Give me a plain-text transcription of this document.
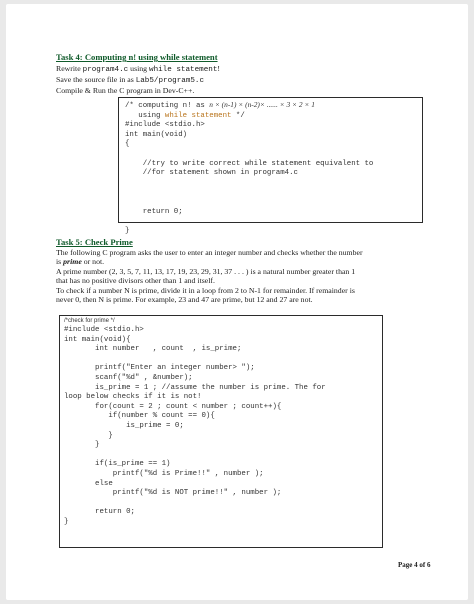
Task 4: Computing n! using while statement
Rewrite program4.c using while statement!
Save the source file in as Lab5/program5.c
Compile & Run the C program in Dev-C++.
/* computing n! as n × (n-1) × (n-2)× ...... × 3 × 2 × 1
using while statement */
#include <stdio.h>
int main(void)
{

//try to write correct while statement equivalent to
//for statement shown in program4.c

return 0;

}
Task 5: Check Prime
The following C program asks the user to enter an integer number and checks whether the number
is prime or not.
A prime number (2, 3, 5, 7, 11, 13, 17, 19, 23, 29, 31, 37 . . . ) is a natural number greater than 1
that has no positive divisors other than 1 and itself.
To check if a number N is prime, divide it in a loop from 2 to N-1 for remainder. If remainder is
never 0, then N is prime. For example, 23 and 47 are prime, but 12 and 27 are not.
/*check for prime */
#include <stdio.h>
int main(void){
int number   , count  , is_prime;
printf("Enter an integer number> ");
scanf("%d" , &number);
is_prime = 1 ; //assume the number is prime. The for
loop below checks if it is not!
for(count = 2 ; count < number ; count++){
if(number % count == 0){
is_prime = 0;
}
}
if(is_prime == 1)
printf("%d is Prime!!" , number );
else
printf("%d is NOT prime!!" , number );
return 0;
}
Page 4 of 6
